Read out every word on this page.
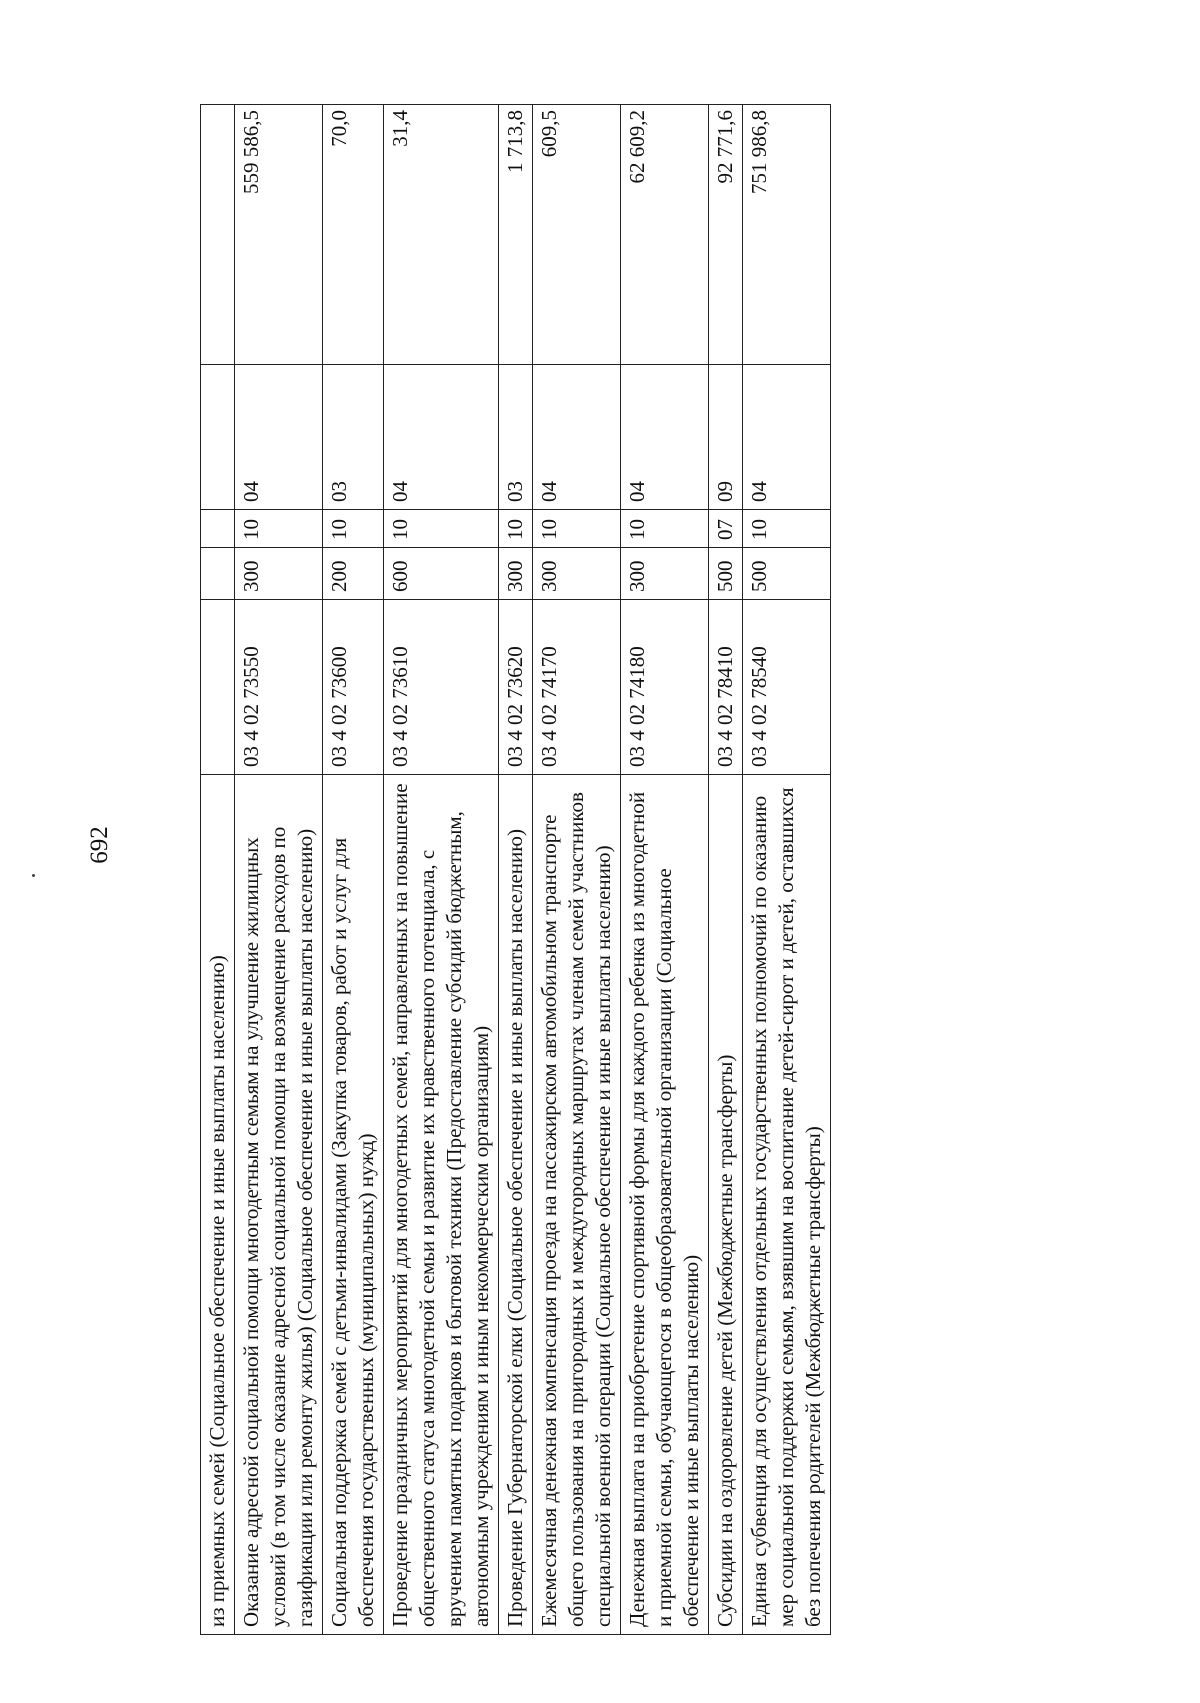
692
из приемных семей (Социальное обеспечение и иные выплаты населению)					
Оказание адресной социальной помощи многодетным семьям на улучшение жилищных условий (в том числе оказание адресной социальной помощи на возмещение расходов по газификации или ремонту жилья) (Социальное обеспечение и иные выплаты населению)	03 4 02 73550	300	10	04	559 586,5
Социальная поддержка семей с детьми-инвалидами (Закупка товаров, работ и услуг для обеспечения государственных (муниципальных) нужд)	03 4 02 73600	200	10	03	70,0
Проведение праздничных мероприятий для многодетных семей, направленных на повышение общественного статуса многодетной семьи и развитие их нравственного потенциала, с вручением памятных подарков и бытовой техники (Предоставление субсидий бюджетным, автономным учреждениям и иным некоммерческим организациям)	03 4 02 73610	600	10	04	31,4
Проведение Губернаторской елки (Социальное обеспечение и иные выплаты населению)	03 4 02 73620	300	10	03	1 713,8
Ежемесячная денежная компенсация проезда на пассажирском автомобильном транспорте общего пользования на пригородных и междугородных маршрутах членам семей участников специальной военной операции (Социальное обеспечение и иные выплаты населению)	03 4 02 74170	300	10	04	609,5
Денежная выплата на приобретение спортивной формы для каждого ребенка из многодетной и приемной семьи, обучающегося в общеобразовательной организации (Социальное обеспечение и иные выплаты населению)	03 4 02 74180	300	10	04	62 609,2
Субсидии на оздоровление детей (Межбюджетные трансферты)	03 4 02 78410	500	07	09	92 771,6
Единая субвенция для осуществления отдельных государственных полномочий по оказанию мер социальной поддержки семьям, взявшим на воспитание детей-сирот и детей, оставшихся без попечения родителей (Межбюджетные трансферты)	03 4 02 78540	500	10	04	751 986,8
